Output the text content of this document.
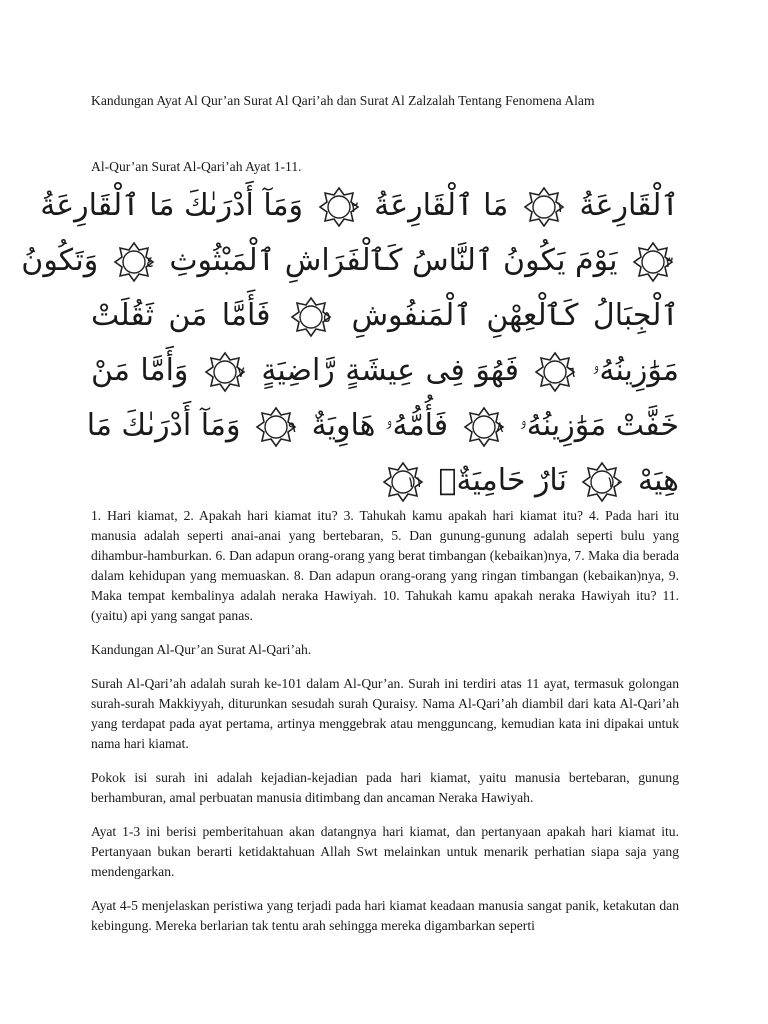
Kandungan Ayat Al Qur’an Surat Al Qari’ah dan Surat Al Zalzalah Tentang Fenomena Alam
Al-Qur’an Surat Al-Qari’ah Ayat 1-11.
ٱلْقَارِعَةُ
١
مَا ٱلْقَارِعَةُ
٢
وَمَآ أَدْرَىٰكَ مَا ٱلْقَارِعَةُ
٣
يَوْمَ يَكُونُ ٱلنَّاسُ كَٱلْفَرَاشِ ٱلْمَبْثُوثِ
٤
وَتَكُونُ
ٱلْجِبَالُ كَٱلْعِهْنِ ٱلْمَنفُوشِ
٥
فَأَمَّا مَن ثَقُلَتْ
مَوَٰزِينُهُۥ
٦
فَهُوَ فِى عِيشَةٍ رَّاضِيَةٍ
٧
وَأَمَّا مَنْ
خَفَّتْ مَوَٰزِينُهُۥ
٨
فَأُمُّهُۥ هَاوِيَةٌ
٩
وَمَآ أَدْرَىٰكَ مَا
هِيَهْ
١٠
نَارٌ حَامِيَةٌۢ
١١

1. Hari kiamat, 2. Apakah hari kiamat itu? 3. Tahukah kamu apakah hari kiamat itu? 4. Pada hari itu manusia adalah seperti anai-anai yang bertebaran, 5. Dan gunung-gunung adalah seperti bulu yang dihambur-hamburkan. 6. Dan adapun orang-orang yang berat timbangan (kebaikan)nya, 7. Maka dia berada dalam kehidupan yang memuaskan. 8. Dan adapun orang-orang yang ringan timbangan (kebaikan)nya, 9. Maka tempat kembalinya adalah neraka Hawiyah. 10. Tahukah kamu apakah neraka Hawiyah itu? 11. (yaitu) api yang sangat panas.

Kandungan Al-Qur’an Surat Al-Qari’ah.

Surah Al-Qari’ah adalah surah ke-101 dalam Al-Qur’an. Surah ini terdiri atas 11 ayat, termasuk golongan surah-surah Makkiyyah, diturunkan sesudah surah Quraisy. Nama Al-Qari’ah diambil dari kata Al-Qari’ah yang terdapat pada ayat pertama, artinya menggebrak atau mengguncang, kemudian kata ini dipakai untuk nama hari kiamat.

Pokok isi surah ini adalah kejadian-kejadian pada hari kiamat, yaitu manusia bertebaran, gunung berhamburan, amal perbuatan manusia ditimbang dan ancaman Neraka Hawiyah.

Ayat 1-3 ini berisi pemberitahuan akan datangnya hari kiamat, dan pertanyaan apakah hari kiamat itu. Pertanyaan bukan berarti ketidaktahuan Allah Swt melainkan untuk menarik perhatian siapa saja yang mendengarkan.

Ayat 4-5 menjelaskan peristiwa yang terjadi pada hari kiamat keadaan manusia sangat panik, ketakutan dan kebingung. Mereka berlarian tak tentu arah sehingga mereka digambarkan seperti
